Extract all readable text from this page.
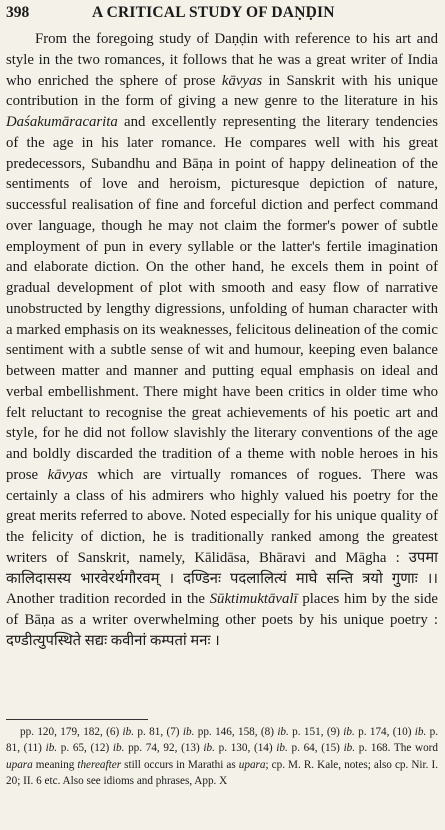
398	A CRITICAL STUDY OF DAṆḌIN

From the foregoing study of Daṇḍin with reference to his art and style in the two romances, it follows that he was a great writer of India who enriched the sphere of prose kāvyas in Sanskrit with his unique contribution in the form of giving a new genre to the literature in his Daśakumāracarita and excellently representing the literary tendencies of the age in his later romance. He compares well with his great predecessors, Subandhu and Bāṇa in point of happy delineation of the sentiments of love and heroism, picturesque depiction of nature, successful realisation of fine and forceful diction and perfect command over language, though he may not claim the former's power of subtle employment of pun in every syllable or the latter's fertile imagination and elaborate diction. On the other hand, he excels them in point of gradual development of plot with smooth and easy flow of narrative unobstructed by lengthy digressions, unfolding of human character with a marked emphasis on its weaknesses, felicitous delineation of the comic sentiment with a subtle sense of wit and humour, keeping even balance between matter and manner and putting equal emphasis on ideal and verbal embellishment. There might have been critics in older time who felt reluctant to recognise the great achievements of his poetic art and style, for he did not follow slavishly the literary conventions of the age and boldly discarded the tradition of a theme with noble heroes in his prose kāvyas which are virtually romances of rogues. There was certainly a class of his admirers who highly valued his poetry for the great merits referred to above. Noted especially for his unique quality of the felicity of diction, he is traditionally ranked among the greatest writers of Sanskrit, namely, Kālidāsa, Bhāravi and Māgha : उपमा कालिदासस्य भारवेरर्थगौरवम् । दण्डिनः पदलालित्यं माघे सन्ति त्रयो गुणाः ।। Another tradition recorded in the Sūktimuktāvalī places him by the side of Bāṇa as a writer overwhelming other poets by his unique poetry : दण्डीत्युपस्थिते सद्यः कवीनां कम्पतां मनः ।

pp. 120, 179, 182, (6) ib. p. 81, (7) ib. pp. 146, 158, (8) ib. p. 151, (9) ib. p. 174, (10) ib. p. 81, (11) ib. p. 65, (12) ib. pp. 74, 92, (13) ib. p. 130, (14) ib. p. 64, (15) ib. p. 168. The word upara meaning thereafter still occurs in Marathi as upara; cp. M. R. Kale, notes; also cp. Nir. I. 20; II. 6 etc. Also see idioms and phrases, App. X
